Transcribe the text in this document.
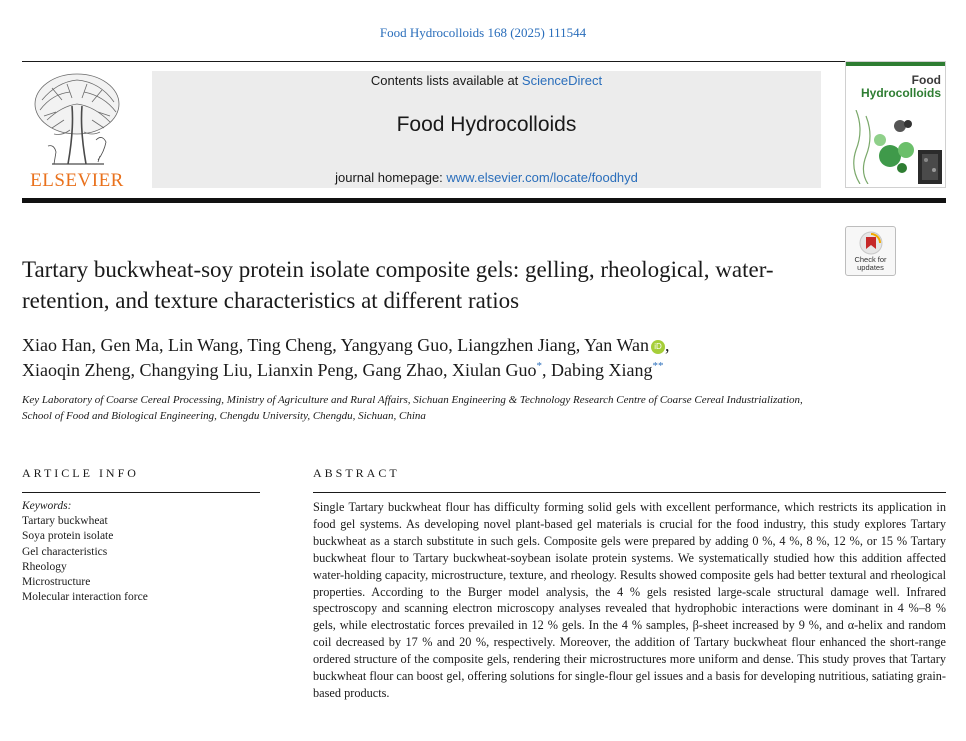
Food Hydrocolloids 168 (2025) 111544
ELSEVIER
Contents lists available at ScienceDirect
Food Hydrocolloids
journal homepage: www.elsevier.com/locate/foodhyd
Food
Hydrocolloids
Check for
updates
Tartary buckwheat-soy protein isolate composite gels: gelling, rheological, water-retention, and texture characteristics at different ratios
Xiao Han, Gen Ma, Lin Wang, Ting Cheng, Yangyang Guo, Liangzhen Jiang, Yan Wan iD ,
Xiaoqin Zheng, Changying Liu, Lianxin Peng, Gang Zhao, Xiulan Guo*, Dabing Xiang**
Key Laboratory of Coarse Cereal Processing, Ministry of Agriculture and Rural Affairs, Sichuan Engineering & Technology Research Centre of Coarse Cereal Industrialization, School of Food and Biological Engineering, Chengdu University, Chengdu, Sichuan, China
ARTICLE INFO	ABSTRACT
Keywords:
Tartary buckwheat
Soya protein isolate
Gel characteristics
Rheology
Microstructure
Molecular interaction force
Single Tartary buckwheat flour has difficulty forming solid gels with excellent performance, which restricts its application in food gel systems. As developing novel plant-based gel materials is crucial for the food industry, this study explores Tartary buckwheat as a starch substitute in such gels. Composite gels were prepared by adding 0 %, 4 %, 8 %, 12 %, or 15 % Tartary buckwheat flour to Tartary buckwheat-soybean isolate protein systems. We systematically studied how this addition affected water-holding capacity, microstructure, texture, and rheology. Results showed composite gels had better textural and rheological properties. According to the Burger model analysis, the 4 % gels resisted large-scale structural damage well. Infrared spectroscopy and scanning electron microscopy analyses revealed that hydrophobic interactions were dominant in 4 %–8 % gels, while electrostatic forces prevailed in 12 % gels. In the 4 % samples, β-sheet increased by 9 %, and α-helix and random coil decreased by 17 % and 20 %, respectively. Moreover, the addition of Tartary buckwheat flour enhanced the short-range ordered structure of the composite gels, rendering their microstructures more uniform and dense. This study proves that Tartary buckwheat flour can boost gel, offering solutions for single-flour gel issues and a basis for developing nutritious, satiating grain-based products.
